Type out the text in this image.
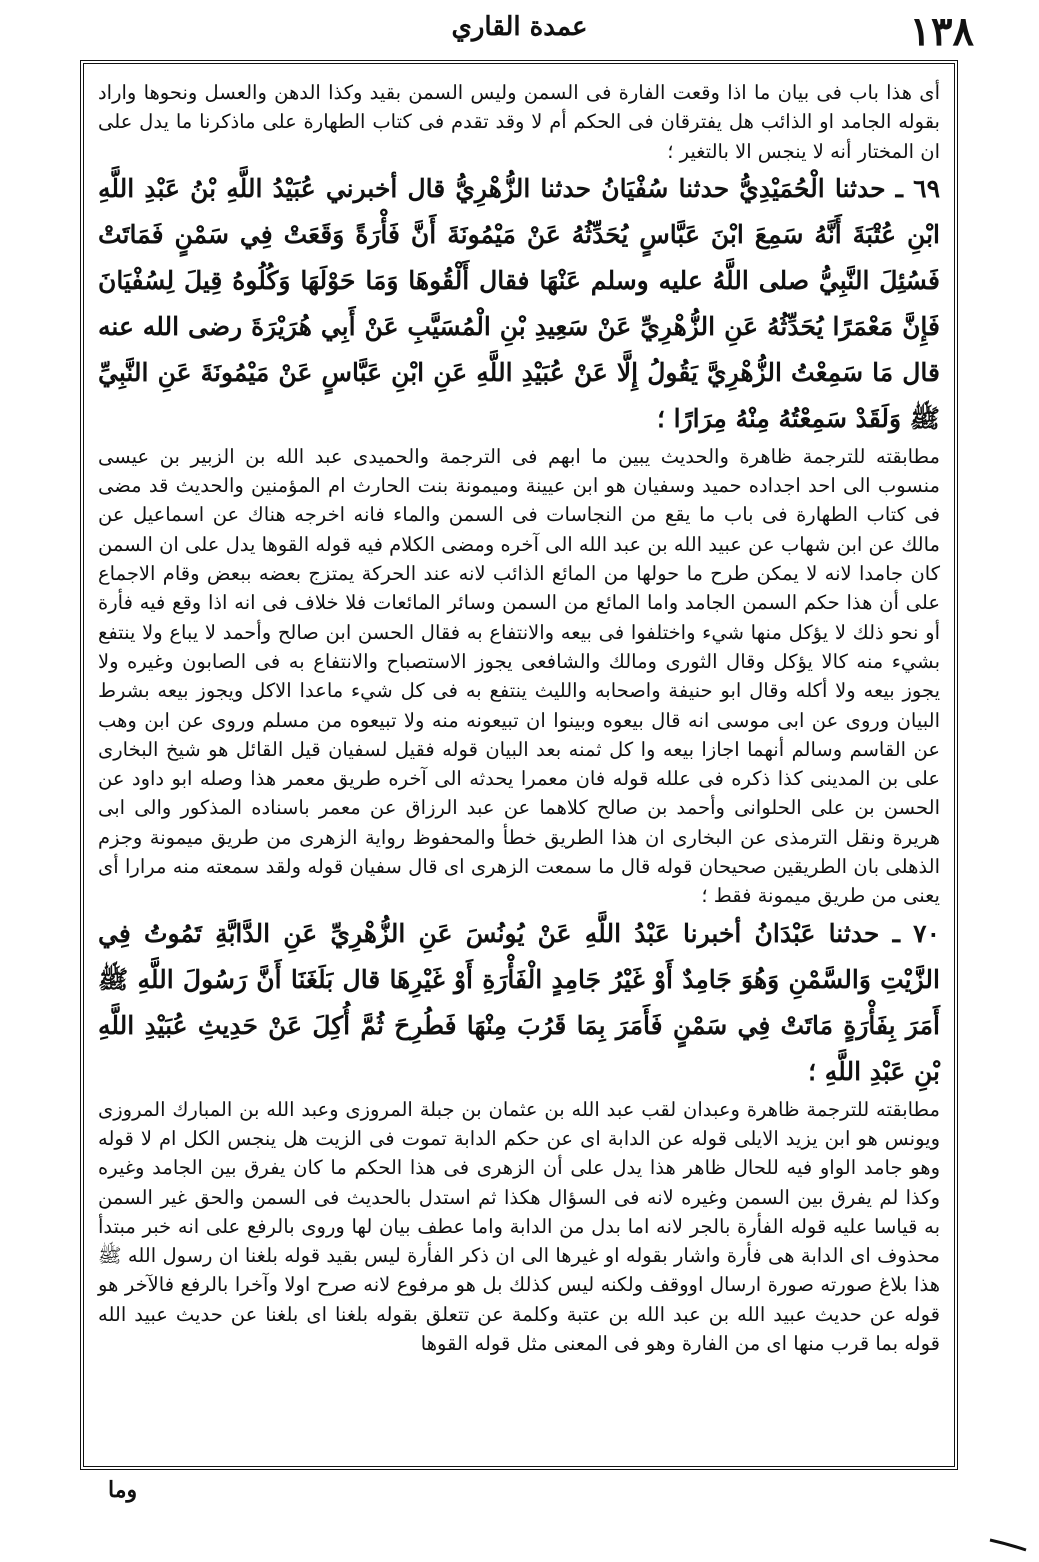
١٣٨
عمدة القاري

أى هذا باب فى بيان ما اذا وقعت الفارة فى السمن وليس السمن بقيد وكذا الدهن والعسل ونحوها واراد بقوله الجامد او الذائب هل يفترقان فى الحكم أم لا وقد تقدم فى كتاب الطهارة على ماذكرنا ما يدل على ان المختار أنه لا ينجس الا بالتغير ؛

٦٩ ـ حدثنا الْحُمَيْدِيُّ حدثنا سُفْيَانُ حدثنا الزُّهْرِيُّ قال أخبرني عُبَيْدُ اللَّهِ بْنُ عَبْدِ اللَّهِ ابْنِ عُتْبَةَ أَنَّهُ سَمِعَ ابْنَ عَبَّاسٍ يُحَدِّثُهُ عَنْ مَيْمُونَةَ أَنَّ فَأْرَةً وَقَعَتْ فِي سَمْنٍ فَمَاتَتْ فَسُئِلَ النَّبِيُّ صلى اللَّهُ عليه وسلم عَنْهَا فقال أَلْقُوهَا وَمَا حَوْلَهَا وَكُلُوهُ قِيلَ لِسُفْيَانَ فَإِنَّ مَعْمَرًا يُحَدِّثُهُ عَنِ الزُّهْرِيِّ عَنْ سَعِيدِ بْنِ الْمُسَيَّبِ عَنْ أَبِي هُرَيْرَةَ رضى الله عنه قال مَا سَمِعْتُ الزُّهْرِيَّ يَقُولُ إِلَّا عَنْ عُبَيْدِ اللَّهِ عَنِ ابْنِ عَبَّاسٍ عَنْ مَيْمُونَةَ عَنِ النَّبِيِّ ﷺ وَلَقَدْ سَمِعْتُهُ مِنْهُ مِرَارًا ؛

مطابقته للترجمة ظاهرة والحديث يبين ما ابهم فى الترجمة والحميدى عبد الله بن الزبير بن عيسى منسوب الى احد اجداده حميد وسفيان هو ابن عيينة وميمونة بنت الحارث ام المؤمنين والحديث قد مضى فى كتاب الطهارة فى باب ما يقع من النجاسات فى السمن والماء فانه اخرجه هناك عن اسماعيل عن مالك عن ابن شهاب عن عبيد الله بن عبد الله الى آخره ومضى الكلام فيه قوله القوها يدل على ان السمن كان جامدا لانه لا يمكن طرح ما حولها من المائع الذائب لانه عند الحركة يمتزج بعضه ببعض وقام الاجماع على أن هذا حكم السمن الجامد واما المائع من السمن وسائر المائعات فلا خلاف فى انه اذا وقع فيه فأرة أو نحو ذلك لا يؤكل منها شيء واختلفوا فى بيعه والانتفاع به فقال الحسن ابن صالح وأحمد لا يباع ولا ينتفع بشيء منه كالا يؤكل وقال الثورى ومالك والشافعى يجوز الاستصباح والانتفاع به فى الصابون وغيره ولا يجوز بيعه ولا أكله وقال ابو حنيفة واصحابه والليث ينتفع به فى كل شيء ماعدا الاكل ويجوز بيعه بشرط البيان وروى عن ابى موسى انه قال بيعوه وبينوا ان تبيعونه منه ولا تبيعوه من مسلم وروى عن ابن وهب عن القاسم وسالم أنهما اجازا بيعه وا كل ثمنه بعد البيان قوله فقيل لسفيان قيل القائل هو شيخ البخارى على بن المدينى كذا ذكره فى علله قوله فان معمرا يحدثه الى آخره طريق معمر هذا وصله ابو داود عن الحسن بن على الحلوانى وأحمد بن صالح كلاهما عن عبد الرزاق عن معمر باسناده المذكور والى ابى هريرة ونقل الترمذى عن البخارى ان هذا الطريق خطأ والمحفوظ رواية الزهرى من طريق ميمونة وجزم الذهلى بان الطريقين صحيحان قوله قال ما سمعت الزهرى اى قال سفيان قوله ولقد سمعته منه مرارا أى يعنى من طريق ميمونة فقط ؛

٧٠ ـ حدثنا عَبْدَانُ أخبرنا عَبْدُ اللَّهِ عَنْ يُونُسَ عَنِ الزُّهْرِيِّ عَنِ الدَّابَّةِ تَمُوتُ فِي الزَّيْتِ وَالسَّمْنِ وَهُوَ جَامِدٌ أَوْ غَيْرُ جَامِدٍ الْفَأْرَةِ أَوْ غَيْرِهَا قال بَلَغَنَا أَنَّ رَسُولَ اللَّهِ ﷺ أَمَرَ بِفَأْرَةٍ مَاتَتْ فِي سَمْنٍ فَأَمَرَ بِمَا قَرُبَ مِنْهَا فَطُرِحَ ثُمَّ أُكِلَ عَنْ حَدِيثِ عُبَيْدِ اللَّهِ بْنِ عَبْدِ اللَّهِ ؛

مطابقته للترجمة ظاهرة وعبدان لقب عبد الله بن عثمان بن جبلة المروزى وعبد الله بن المبارك المروزى ويونس هو ابن يزيد الايلى قوله عن الدابة اى عن حكم الدابة تموت فى الزيت هل ينجس الكل ام لا قوله وهو جامد الواو فيه للحال ظاهر هذا يدل على أن الزهرى فى هذا الحكم ما كان يفرق بين الجامد وغيره وكذا لم يفرق بين السمن وغيره لانه فى السؤال هكذا ثم استدل بالحديث فى السمن والحق غير السمن به قياسا عليه قوله الفأرة بالجر لانه اما بدل من الدابة واما عطف بيان لها وروى بالرفع على انه خبر مبتدأ محذوف اى الدابة هى فأرة واشار بقوله او غيرها الى ان ذكر الفأرة ليس بقيد قوله بلغنا ان رسول الله ﷺ هذا بلاغ صورته صورة ارسال اووقف ولكنه ليس كذلك بل هو مرفوع لانه صرح اولا وآخرا بالرفع فالآخر هو قوله عن حديث عبيد الله بن عبد الله بن عتبة وكلمة عن تتعلق بقوله بلغنا اى بلغنا عن حديث عبيد الله قوله بما قرب منها اى من الفارة وهو فى المعنى مثل قوله القوها

وما
